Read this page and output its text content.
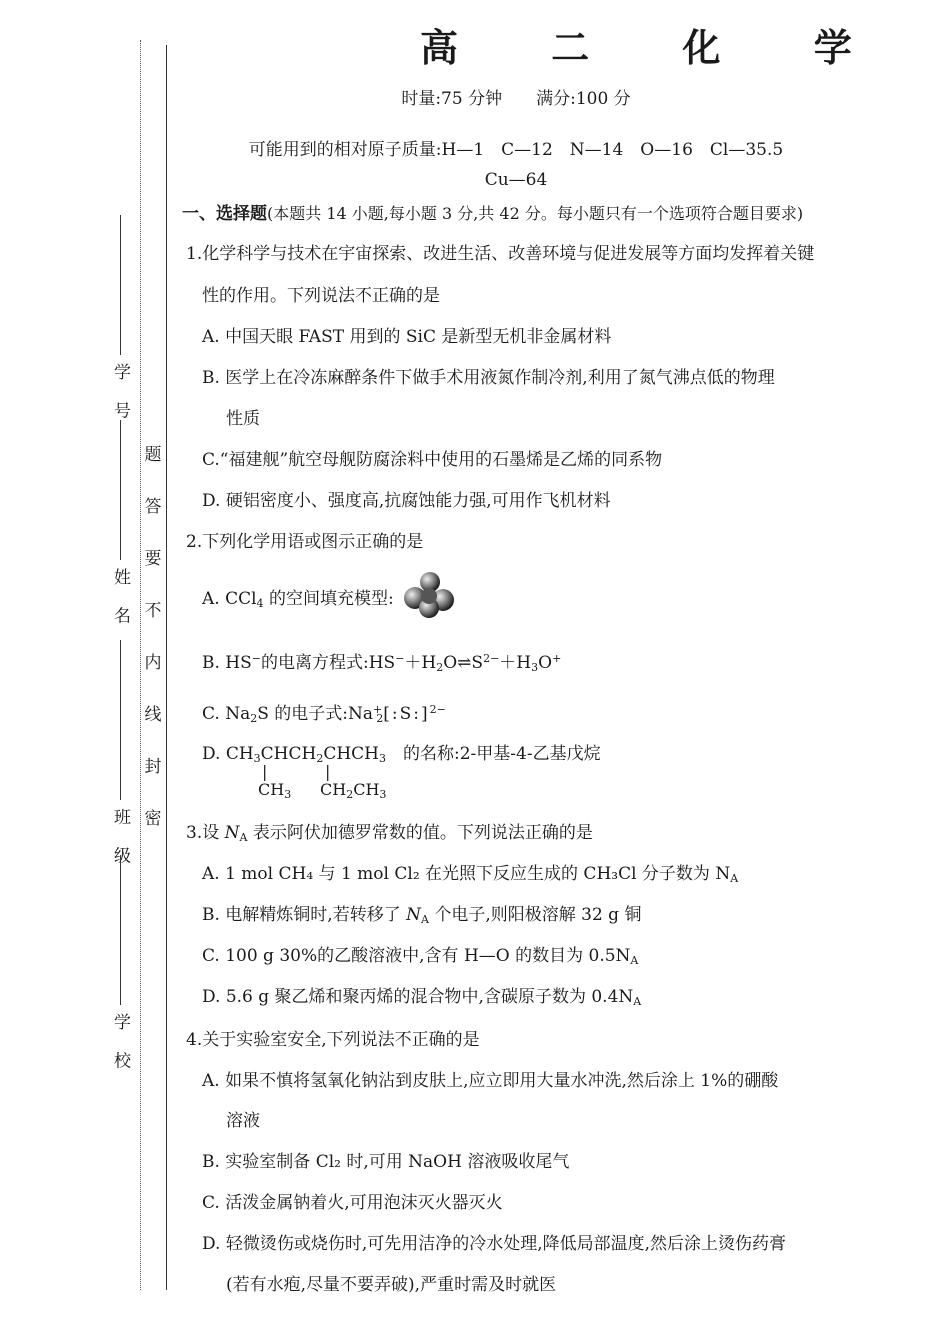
学 号
姓 名
班 级
学 校
题
答
要
不
内
线
封
密
高 二 化 学
时量:75 分钟　　满分:100 分
可能用到的相对原子质量:H—1　C—12　N—14　O—16　Cl—35.5
Cu—64
一、选择题(本题共 14 小题,每小题 3 分,共 42 分。每小题只有一个选项符合题目要求)
1.化学科学与技术在宇宙探索、改进生活、改善环境与促进发展等方面均发挥着关键
性的作用。下列说法不正确的是
A. 中国天眼 FAST 用到的 SiC 是新型无机非金属材料
B. 医学上在冷冻麻醉条件下做手术用液氮作制冷剂,利用了氮气沸点低的物理
性质
C.“福建舰”航空母舰防腐涂料中使用的石墨烯是乙烯的同系物
D. 硬铝密度小、强度高,抗腐蚀能力强,可用作飞机材料
2.下列化学用语或图示正确的是
A. CCl$_4$ 的空间填充模型:
B. HS−的电离方程式$:HS^-+H_2O\rightleftharpoons S^{2-}+H_3O^+$
C. $Na_2S$ 的电子式$:Na^+_2[:S:]^{2-}$
D. $CH_3CHCH_2CHCH_3$　的名称:2-甲基-4-乙基戊烷
|	|
$CH_3$ $CH_2CH_3$
3.设 $N_A$ 表示阿伏加德罗常数的值。下列说法正确的是
A. 1 mol CH₄ 与 1 mol Cl₂ 在光照下反应生成的 CH₃Cl 分子数为 $N_A$
B. 电解精炼铜时,若转移了 $N_A$ 个电子,则阳极溶解 32 g 铜
C. 100 g 30%的乙酸溶液中,含有 H—O 的数目为 $0.5N_A$
D. 5.6 g 聚乙烯和聚丙烯的混合物中,含碳原子数为 $0.4N_A$
4.关于实验室安全,下列说法不正确的是
A. 如果不慎将氢氧化钠沾到皮肤上,应立即用大量水冲洗,然后涂上 1%的硼酸
溶液
B. 实验室制备 Cl₂ 时,可用 NaOH 溶液吸收尾气
C. 活泼金属钠着火,可用泡沫灭火器灭火
D. 轻微烫伤或烧伤时,可先用洁净的冷水处理,降低局部温度,然后涂上烫伤药膏
(若有水疱,尽量不要弄破),严重时需及时就医
